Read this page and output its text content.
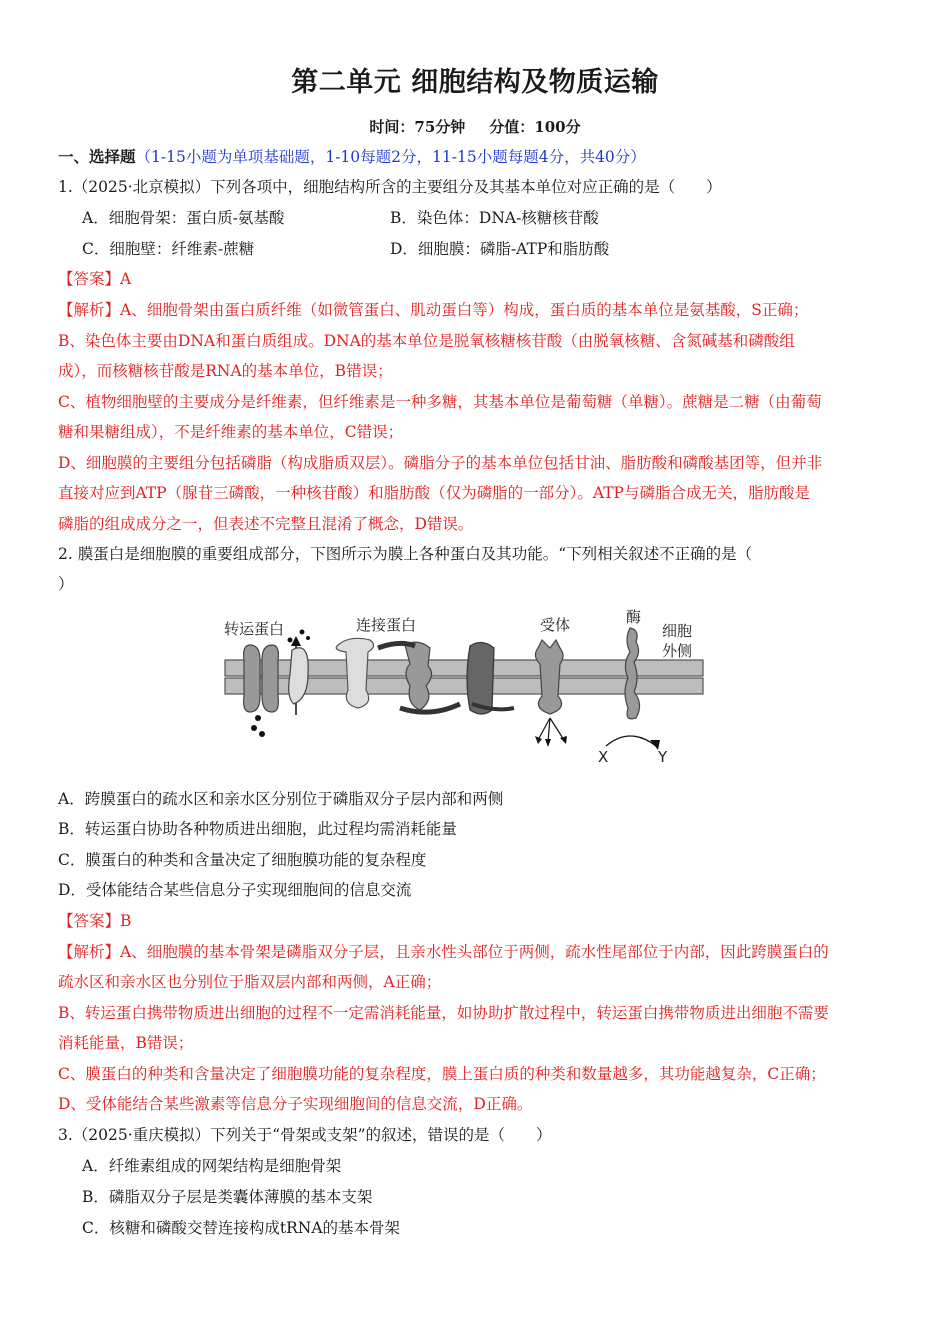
第二单元 细胞结构及物质运输
时间：75分钟 分值：100分
一、选择题（1-15小题为单项基础题，1-10每题2分，11-15小题每题4分，共40分）
1.（2025·北京模拟）下列各项中，细胞结构所含的主要组分及其基本单位对应正确的是（　　）
A．细胞骨架：蛋白质-氨基酸	B．染色体：DNA-核糖核苷酸
C．细胞壁：纤维素-蔗糖	D．细胞膜：磷脂-ATP和脂肪酸
【答案】A
【解析】A、细胞骨架由蛋白质纤维（如微管蛋白、肌动蛋白等）构成，蛋白质的基本单位是氨基酸，S正确；
B、染色体主要由DNA和蛋白质组成。DNA的基本单位是脱氧核糖核苷酸（由脱氧核糖、含氮碱基和磷酸组
成），而核糖核苷酸是RNA的基本单位，B错误；
C、植物细胞壁的主要成分是纤维素，但纤维素是一种多糖，其基本单位是葡萄糖（单糖）。蔗糖是二糖（由葡萄
糖和果糖组成），不是纤维素的基本单位，C错误；
D、细胞膜的主要组分包括磷脂（构成脂质双层）。磷脂分子的基本单位包括甘油、脂肪酸和磷酸基团等，但并非
直接对应到ATP（腺苷三磷酸，一种核苷酸）和脂肪酸（仅为磷脂的一部分）。ATP与磷脂合成无关，脂肪酸是
磷脂的组成成分之一，但表述不完整且混淆了概念，D错误。
2. 膜蛋白是细胞膜的重要组成部分，下图所示为膜上各种蛋白及其功能。“下列相关叙述不正确的是（
）
转运蛋白	连接蛋白	受体	酶
细胞
外侧
X	Y
A．跨膜蛋白的疏水区和亲水区分别位于磷脂双分子层内部和两侧
B．转运蛋白协助各种物质进出细胞，此过程均需消耗能量
C．膜蛋白的种类和含量决定了细胞膜功能的复杂程度
D．受体能结合某些信息分子实现细胞间的信息交流
【答案】B
【解析】A、细胞膜的基本骨架是磷脂双分子层，且亲水性头部位于两侧，疏水性尾部位于内部，因此跨膜蛋白的
疏水区和亲水区也分别位于脂双层内部和两侧，A正确；
B、转运蛋白携带物质进出细胞的过程不一定需消耗能量，如协助扩散过程中，转运蛋白携带物质进出细胞不需要
消耗能量，B错误；
C、膜蛋白的种类和含量决定了细胞膜功能的复杂程度，膜上蛋白质的种类和数量越多，其功能越复杂，C正确；
D、受体能结合某些激素等信息分子实现细胞间的信息交流，D正确。
3.（2025·重庆模拟）下列关于“骨架或支架”的叙述，错误的是（　　）
A．纤维素组成的网架结构是细胞骨架
B．磷脂双分子层是类囊体薄膜的基本支架
C．核糖和磷酸交替连接构成tRNA的基本骨架
